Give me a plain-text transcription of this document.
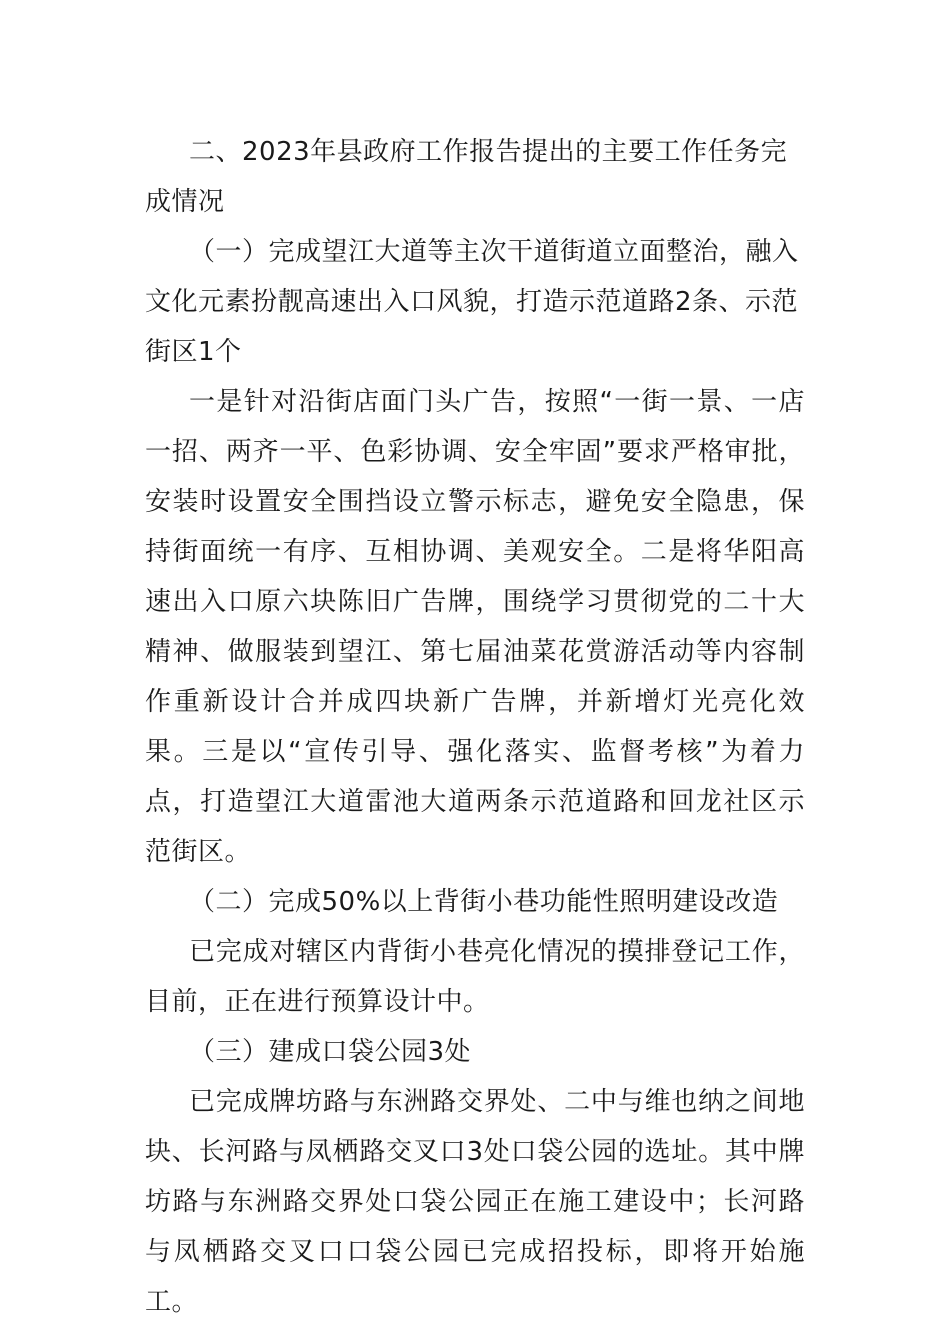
二、2023年县政府工作报告提出的主要工作任务完成情况

（一）完成望江大道等主次干道街道立面整治，融入文化元素扮靓高速出入口风貌，打造示范道路2条、示范街区1个

一是针对沿街店面门头广告，按照“一街一景、一店一招、两齐一平、色彩协调、安全牢固”要求严格审批，安装时设置安全围挡设立警示标志，避免安全隐患，保持街面统一有序、互相协调、美观安全。二是将华阳高速出入口原六块陈旧广告牌，围绕学习贯彻党的二十大精神、做服装到望江、第七届油菜花赏游活动等内容制作重新设计合并成四块新广告牌，并新增灯光亮化效果。三是以“宣传引导、强化落实、监督考核”为着力点，打造望江大道雷池大道两条示范道路和回龙社区示范街区。

（二）完成50%以上背街小巷功能性照明建设改造

已完成对辖区内背街小巷亮化情况的摸排登记工作，目前，正在进行预算设计中。

（三）建成口袋公园3处

已完成牌坊路与东洲路交界处、二中与维也纳之间地块、长河路与凤栖路交叉口3处口袋公园的选址。其中牌坊路与东洲路交界处口袋公园正在施工建设中；长河路与凤栖路交叉口口袋公园已完成招投标，即将开始施工。
